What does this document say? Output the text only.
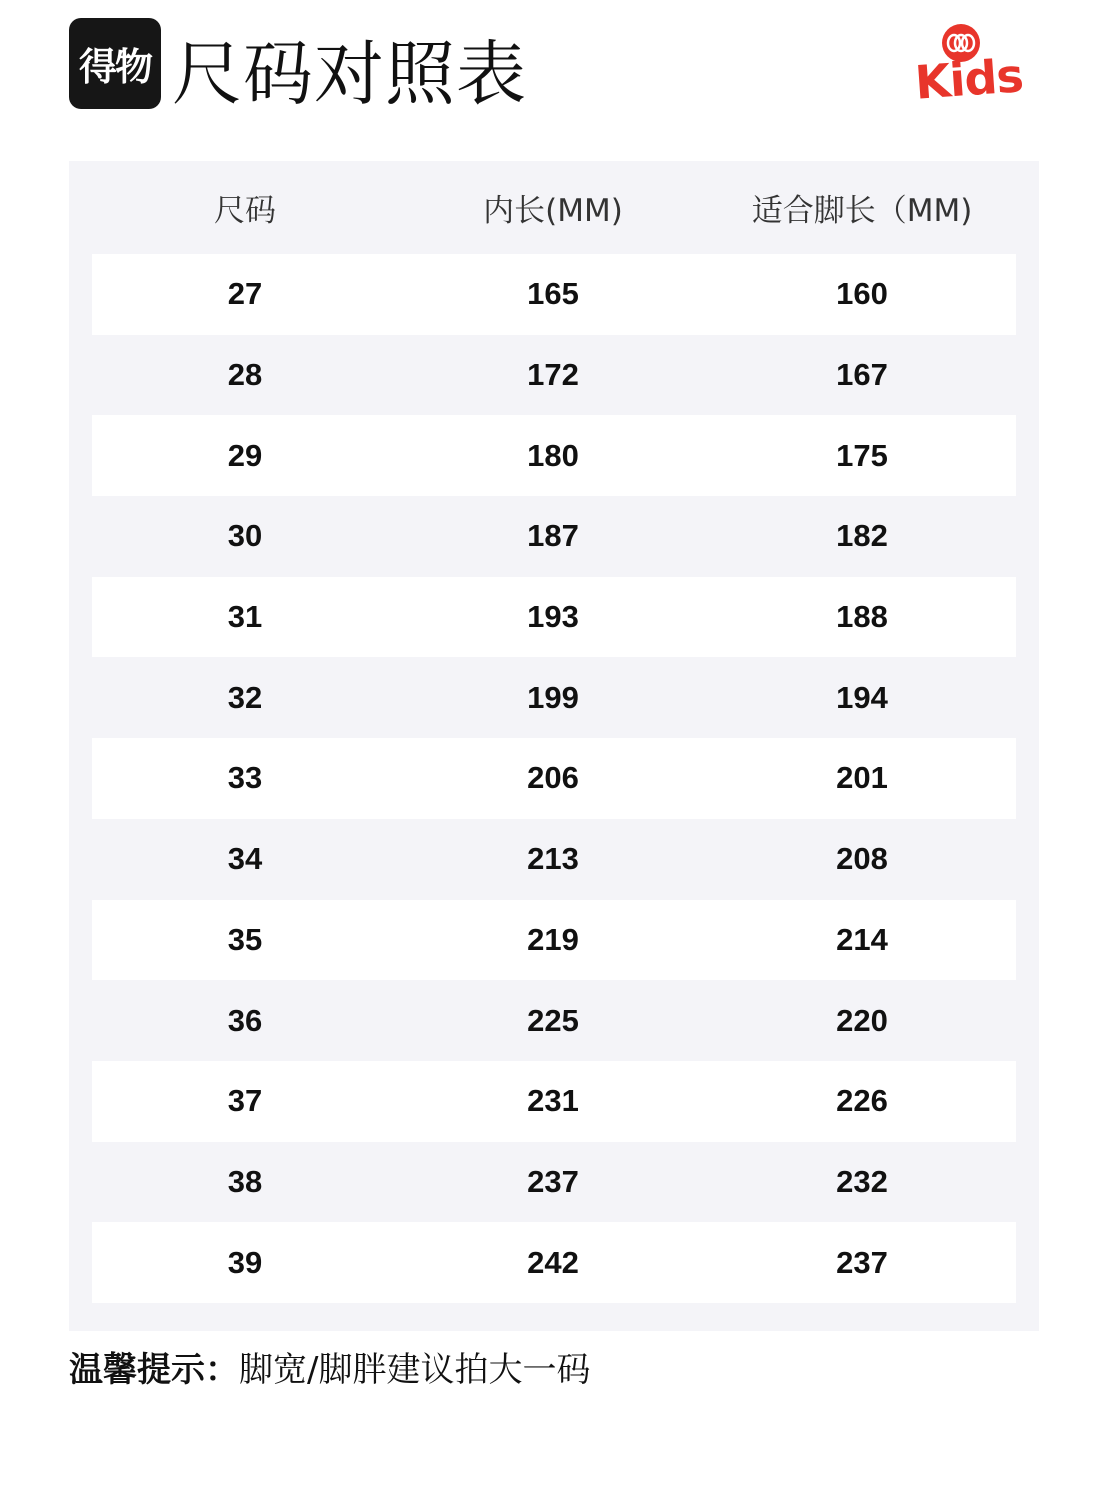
得物 尺码对照表	Kids
尺码	内长(MM)	适合脚长（MM)
27	165	160
28	172	167
29	180	175
30	187	182
31	193	188
32	199	194
33	206	201
34	213	208
35	219	214
36	225	220
37	231	226
38	237	232
39	242	237
温馨提示： 脚宽/脚胖建议拍大一码
